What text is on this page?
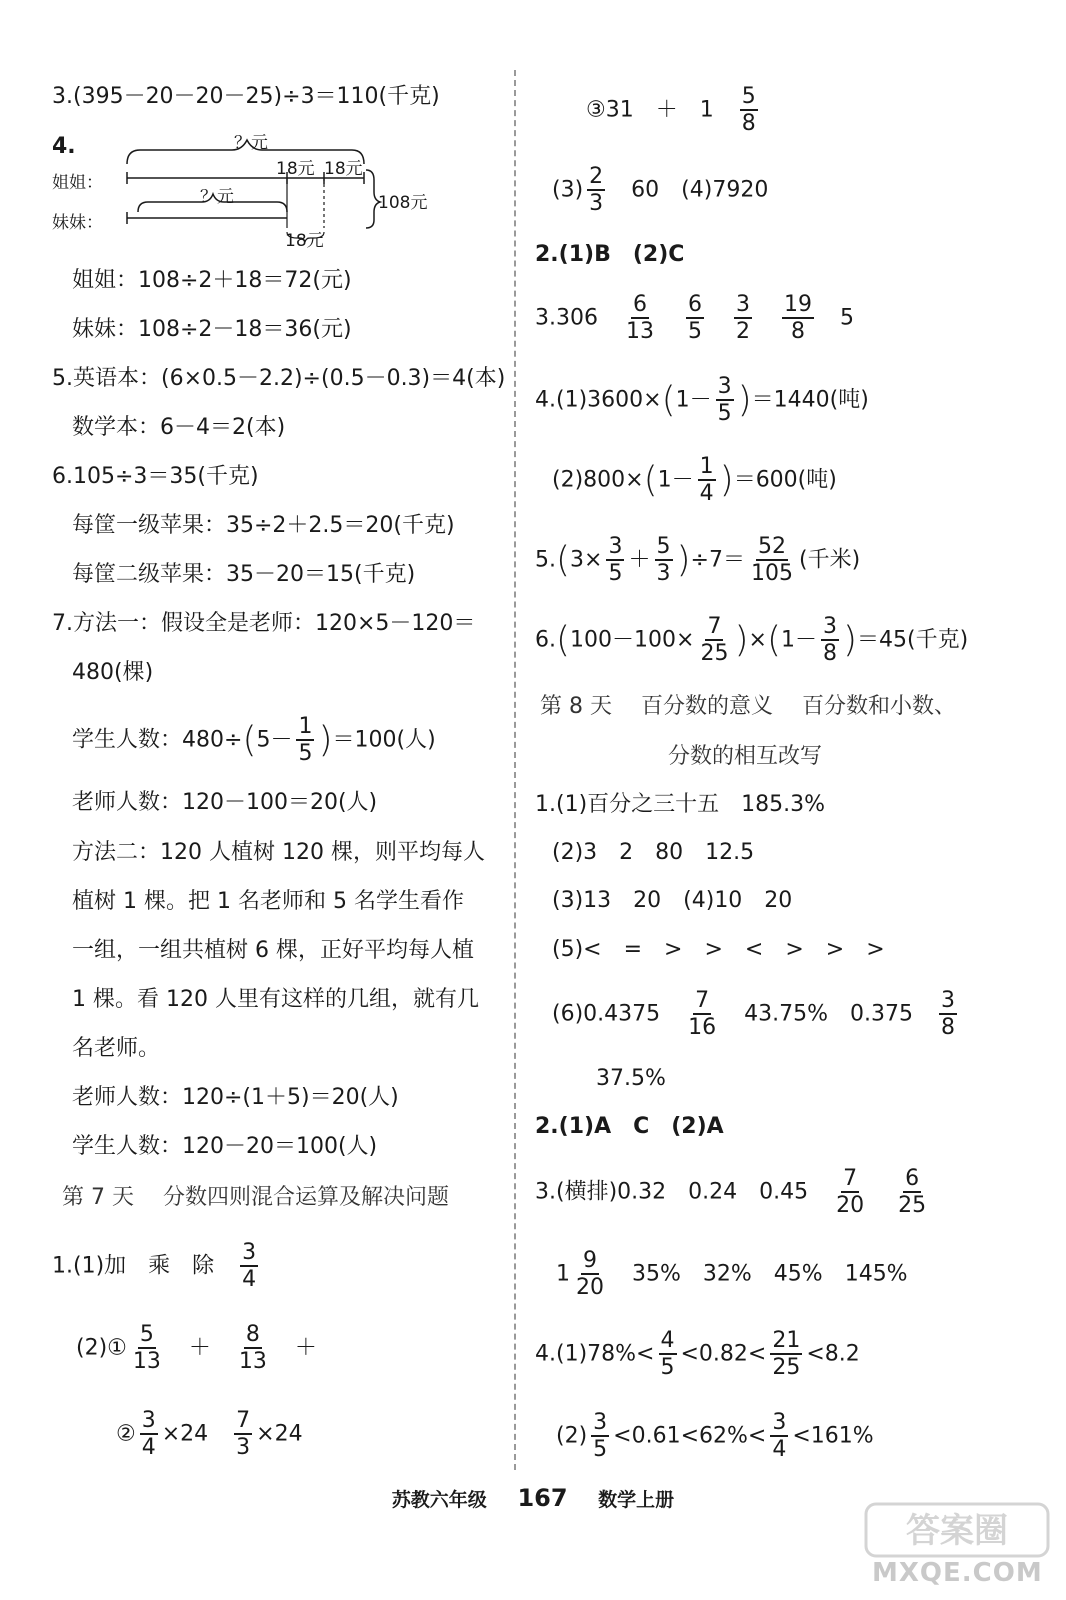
3.(395－20－20－25)÷3＝110(千克)
4.	？元
姐姐：
妹妹：
？元
18元 18元
18元
108元
姐姐：108÷2＋18＝72(元)
妹妹：108÷2－18＝36(元)
5.英语本：(6×0.5－2.2)÷(0.5－0.3)＝4(本)
数学本：6－4＝2(本)
6.105÷3＝35(千克)
每筐一级苹果：35÷2＋2.5＝20(千克)
每筐二级苹果：35－20＝15(千克)
7.方法一：假设全是老师：120×5－120＝
480(棵)
学生人数：$480\div(5- \frac{1}{5} )=100$(人)
老师人数：120－100＝20(人)
方法二：120 人植树 120 棵，则平均每人
植树 1 棵。把 1 名老师和 5 名学生看作
一组，一组共植树 6 棵，正好平均每人植
1 棵。看 120 人里有这样的几组，就有几
名老师。
老师人数：120÷(1＋5)＝20(人)
学生人数：120－20＝100(人)
第 7 天　 分数四则混合运算及解决问题
1.(1)加　乘　除 $\frac{3}{4}$
(2)① $\frac{5}{13} + \frac{8}{13}$ ＋
② $\frac{3}{4} \times 24 \frac{7}{3} \times 24$
③31　＋　$1 \frac{5}{8}$
$(3) \frac{2}{3} 60$　(4)7920
2.(1)B　(2)C
$3.306 \frac{6}{13} \frac{6}{5} \frac{3}{2} \frac{19}{8} 5$
$4.(1)3600\times(1- \frac{3}{5} )=1440$(吨)
$(2)800\times(1- \frac{1}{4} )=600$(吨)
$5.(3\times \frac{3}{5} + \frac{5}{3} )\div 7= \frac{52}{105}$ (千米)
$6.(100-100\times \frac{7}{25} )\times(1- \frac{3}{8} )=45$(千克)
第 8 天　 百分数的意义　 百分数和小数、
分数的相互改写
1.(1)百分之三十五　185.3%
(2)3　2　80　12.5
(3)13　20　(4)10　20
(5)<　=　>　>　<　>　>　>
$(6)0.4375 \frac{7}{16} 43.75\%$　$0.375 \frac{3}{8}$
37.5%
2.(1)A　C　(2)A
3.(横排)0.32　0.24　$0.45 \frac{7}{20} \frac{6}{25}$
$1 \frac{9}{20} 35\%$　32%　45%　145%
$4.(1)78\%< \frac{4}{5} <0.82< \frac{21}{25} <8.2$
$(2) \frac{3}{5} <0.61<62\%< \frac{3}{4} <161\%$
苏教六年级 167 数学上册
答案圈
MXQE.COM
